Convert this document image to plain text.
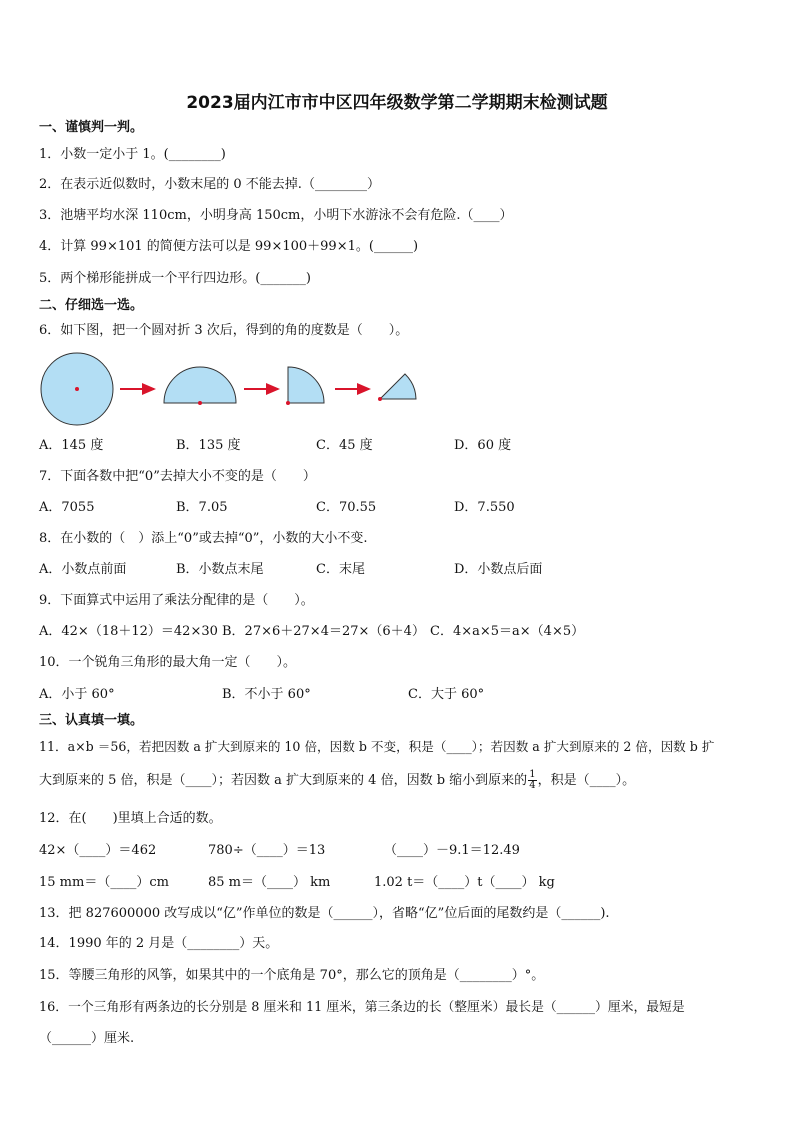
2023届内江市市中区四年级数学第二学期期末检测试题
一、谨慎判一判。
1．小数一定小于 1。(________)
2．在表示近似数时，小数末尾的 0 不能去掉.（________）
3．池塘平均水深 110cm，小明身高 150cm，小明下水游泳不会有危险.（____）
4．计算 99×101 的简便方法可以是 99×100＋99×1。(______)
5．两个梯形能拼成一个平行四边形。(_______)
二、仔细选一选。
6．如下图，把一个圆对折 3 次后，得到的角的度数是（　　）。
A．145 度	B．135 度	C．45 度	D．60 度
7．下面各数中把“0”去掉大小不变的是（　　）
A．7055	B．7.05	C．70.55	D．7.550
8．在小数的（　）添上“0”或去掉“0”，小数的大小不变.
A．小数点前面	B．小数点末尾	C．末尾	D．小数点后面
9．下面算式中运用了乘法分配律的是（　　）。
A．42×（18＋12）＝42×30 B．27×6＋27×4＝27×（6＋4） C．4×a×5＝a×（4×5）
10．一个锐角三角形的最大角一定（　　）。
A．小于 60°	B．不小于 60°	C．大于 60°
三、认真填一填。
11．a×b ＝56，若把因数 a 扩大到原来的 10 倍，因数 b 不变，积是（____）；若因数 a 扩大到原来的 2 倍，因数 b 扩
大到原来的 5 倍，积是（____）；若因数 a 扩大到原来的 4 倍，因数 b 缩小到原来的 $\frac{1}{4}$ ，积是（____）。
12．在(　　)里填上合适的数。
42×（____）＝462	780÷（____）＝13	（____）－9.1＝12.49
15 mm＝（____）cm	85 m＝（____） km	1.02 t＝（____）t（____） kg
13．把 827600000 改写成以“亿”作单位的数是（______），省略“亿”位后面的尾数约是（______).
14．1990 年的 2 月是（________）天。
15．等腰三角形的风筝，如果其中的一个底角是 70°，那么它的顶角是（________）°。
16．一个三角形有两条边的长分别是 8 厘米和 11 厘米，第三条边的长（整厘米）最长是（______）厘米，最短是
（______）厘米.
